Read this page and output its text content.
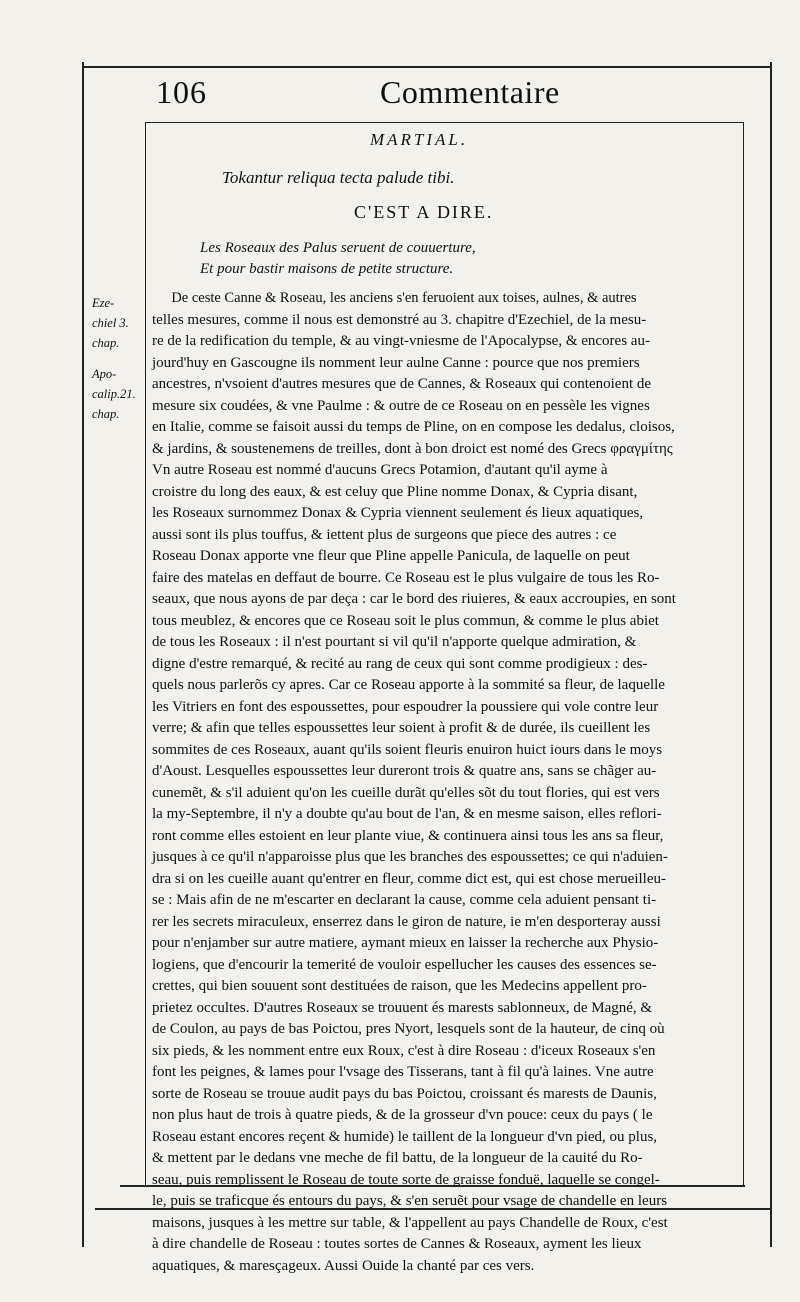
106	Commentaire
Eze-
chiel 3.
chap.
Apo-
calip.21.
chap.
MARTIAL.
Tokantur reliqua tecta palude tibi.
C'EST A DIRE.
Les Roseaux des Palus seruent de couuerture,
Et pour bastir maisons de petite structure.
De ceste Canne & Roseau, les anciens s'en feruoient aux toises, aulnes, & autres
telles mesures, comme il nous est demonstré au 3. chapitre d'Ezechiel, de la mesu-
re de la redification du temple, & au vingt-vniesme de l'Apocalypse, & encores au-
jourd'huy en Gascougne ils nomment leur aulne Canne : pource que nos premiers
ancestres, n'vsoient d'autres mesures que de Cannes, & Roseaux qui contenoient de
mesure six coudées, & vne Paulme : & outre de ce Roseau on en pessèle les vignes
en Italie, comme se faisoit aussi du temps de Pline, on en compose les dedalus, cloisos,
& jardins, & soustenemens de treilles, dont à bon droict est nomé des Grecs φραγμίτης
Vn autre Roseau est nommé d'aucuns Grecs Potamion, d'autant qu'il ayme à
croistre du long des eaux, & est celuy que Pline nomme Donax, & Cypria disant,
les Roseaux surnommez Donax & Cypria viennent seulement és lieux aquatiques,
aussi sont ils plus touffus, & iettent plus de surgeons que piece des autres : ce
Roseau Donax apporte vne fleur que Pline appelle Panicula, de laquelle on peut
faire des matelas en deffaut de bourre. Ce Roseau est le plus vulgaire de tous les Ro-
seaux, que nous ayons de par deça : car le bord des riuieres, & eaux accroupies, en sont
tous meublez, & encores que ce Roseau soit le plus commun, & comme le plus abiet
de tous les Roseaux : il n'est pourtant si vil qu'il n'apporte quelque admiration, &
digne d'estre remarqué, & recité au rang de ceux qui sont comme prodigieux : des-
quels nous parlerõs cy apres. Car ce Roseau apporte à la sommité sa fleur, de laquelle
les Vitriers en font des espoussettes, pour espoudrer la poussiere qui vole contre leur
verre; & afin que telles espoussettes leur soient à profit & de durée, ils cueillent les
sommites de ces Roseaux, auant qu'ils soient fleuris enuiron huict iours dans le moys
d'Aoust. Lesquelles espoussettes leur dureront trois & quatre ans, sans se chãger au-
cunemẽt, & s'il aduient qu'on les cueille durãt qu'elles sõt du tout flories, qui est vers
la my-Septembre, il n'y a doubte qu'au bout de l'an, & en mesme saison, elles reflori-
ront comme elles estoient en leur plante viue, & continuera ainsi tous les ans sa fleur,
jusques à ce qu'il n'apparoisse plus que les branches des espoussettes; ce qui n'aduien-
dra si on les cueille auant qu'entrer en fleur, comme dict est, qui est chose merueilleu-
se : Mais afin de ne m'escarter en declarant la cause, comme cela aduient pensant ti-
rer les secrets miraculeux, enserrez dans le giron de nature, ie m'en desporteray aussi
pour n'enjamber sur autre matiere, aymant mieux en laisser la recherche aux Physio-
logiens, que d'encourir la temerité de vouloir espellucher les causes des essences se-
crettes, qui bien souuent sont destituées de raison, que les Medecins appellent pro-
prietez occultes. D'autres Roseaux se trouuent és marests sablonneux, de Magné, &
de Coulon, au pays de bas Poictou, pres Nyort, lesquels sont de la hauteur, de cinq où
six pieds, & les nomment entre eux Roux, c'est à dire Roseau : d'iceux Roseaux s'en
font les peignes, & lames pour l'vsage des Tisserans, tant à fil qu'à laines. Vne autre
sorte de Roseau se trouue audit pays du bas Poictou, croissant és marests de Daunis,
non plus haut de trois à quatre pieds, & de la grosseur d'vn pouce: ceux du pays ( le
Roseau estant encores reçent & humide) le taillent de la longueur d'vn pied, ou plus,
& mettent par le dedans vne meche de fil battu, de la longueur de la cauité du Ro-
seau, puis remplissent le Roseau de toute sorte de graisse fonduë, laquelle se congel-
le, puis se traficque és entours du pays, & s'en seruẽt pour vsage de chandelle en leurs
maisons, jusques à les mettre sur table, & l'appellent au pays Chandelle de Roux, c'est
à dire chandelle de Roseau : toutes sortes de Cannes & Roseaux, ayment les lieux
aquatiques, & maresçageux. Aussi Ouide la chanté par ces vers.
